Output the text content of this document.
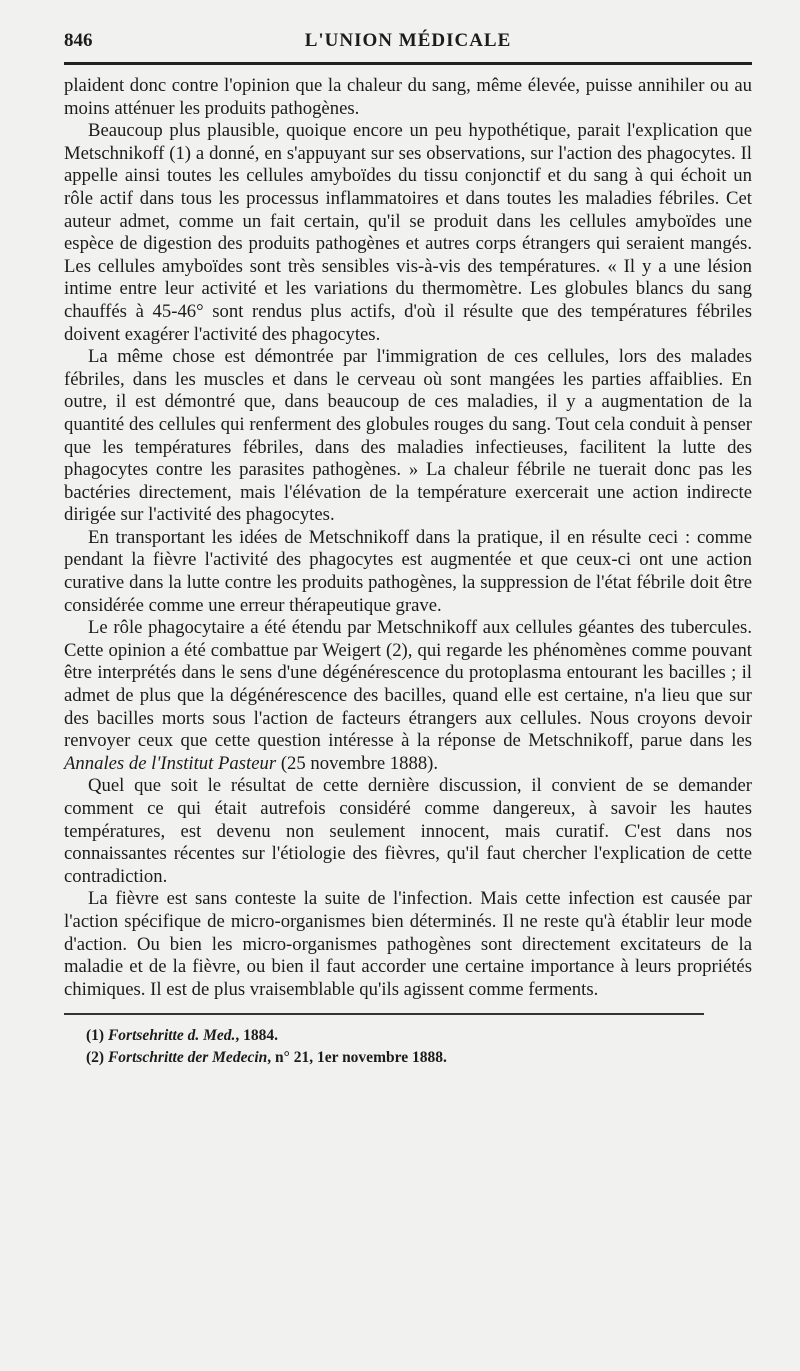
846	L'UNION MÉDICALE

plaident donc contre l'opinion que la chaleur du sang, même élevée, puisse annihiler ou au moins atténuer les produits pathogènes.

Beaucoup plus plausible, quoique encore un peu hypothétique, parait l'explication que Metschnikoff (1) a donné, en s'appuyant sur ses observations, sur l'action des phagocytes. Il appelle ainsi toutes les cellules amyboïdes du tissu conjonctif et du sang à qui échoit un rôle actif dans tous les processus inflammatoires et dans toutes les maladies fébriles. Cet auteur admet, comme un fait certain, qu'il se produit dans les cellules amyboïdes une espèce de digestion des produits pathogènes et autres corps étrangers qui seraient mangés. Les cellules amyboïdes sont très sensibles vis-à-vis des températures. « Il y a une lésion intime entre leur activité et les variations du thermomètre. Les globules blancs du sang chauffés à 45-46° sont rendus plus actifs, d'où il résulte que des températures fébriles doivent exagérer l'activité des phagocytes.

La même chose est démontrée par l'immigration de ces cellules, lors des malades fébriles, dans les muscles et dans le cerveau où sont mangées les parties affaiblies. En outre, il est démontré que, dans beaucoup de ces maladies, il y a augmentation de la quantité des cellules qui renferment des globules rouges du sang. Tout cela conduit à penser que les températures fébriles, dans des maladies infectieuses, facilitent la lutte des phagocytes contre les parasites pathogènes. » La chaleur fébrile ne tuerait donc pas les bactéries directement, mais l'élévation de la température exercerait une action indirecte dirigée sur l'activité des phagocytes.

En transportant les idées de Metschnikoff dans la pratique, il en résulte ceci : comme pendant la fièvre l'activité des phagocytes est augmentée et que ceux-ci ont une action curative dans la lutte contre les produits pathogènes, la suppression de l'état fébrile doit être considérée comme une erreur thérapeutique grave.

Le rôle phagocytaire a été étendu par Metschnikoff aux cellules géantes des tubercules. Cette opinion a été combattue par Weigert (2), qui regarde les phénomènes comme pouvant être interprétés dans le sens d'une dégénérescence du protoplasma entourant les bacilles ; il admet de plus que la dégénérescence des bacilles, quand elle est certaine, n'a lieu que sur des bacilles morts sous l'action de facteurs étrangers aux cellules. Nous croyons devoir renvoyer ceux que cette question intéresse à la réponse de Metschnikoff, parue dans les Annales de l'Institut Pasteur (25 novembre 1888).

Quel que soit le résultat de cette dernière discussion, il convient de se demander comment ce qui était autrefois considéré comme dangereux, à savoir les hautes températures, est devenu non seulement innocent, mais curatif. C'est dans nos connaissantes récentes sur l'étiologie des fièvres, qu'il faut chercher l'explication de cette contradiction.

La fièvre est sans conteste la suite de l'infection. Mais cette infection est causée par l'action spécifique de micro-organismes bien déterminés. Il ne reste qu'à établir leur mode d'action. Ou bien les micro-organismes pathogènes sont directement excitateurs de la maladie et de la fièvre, ou bien il faut accorder une certaine importance à leurs propriétés chimiques. Il est de plus vraisemblable qu'ils agissent comme ferments.

(1) Fortsehritte d. Med., 1884.

(2) Fortschritte der Medecin, n° 21, 1er novembre 1888.
